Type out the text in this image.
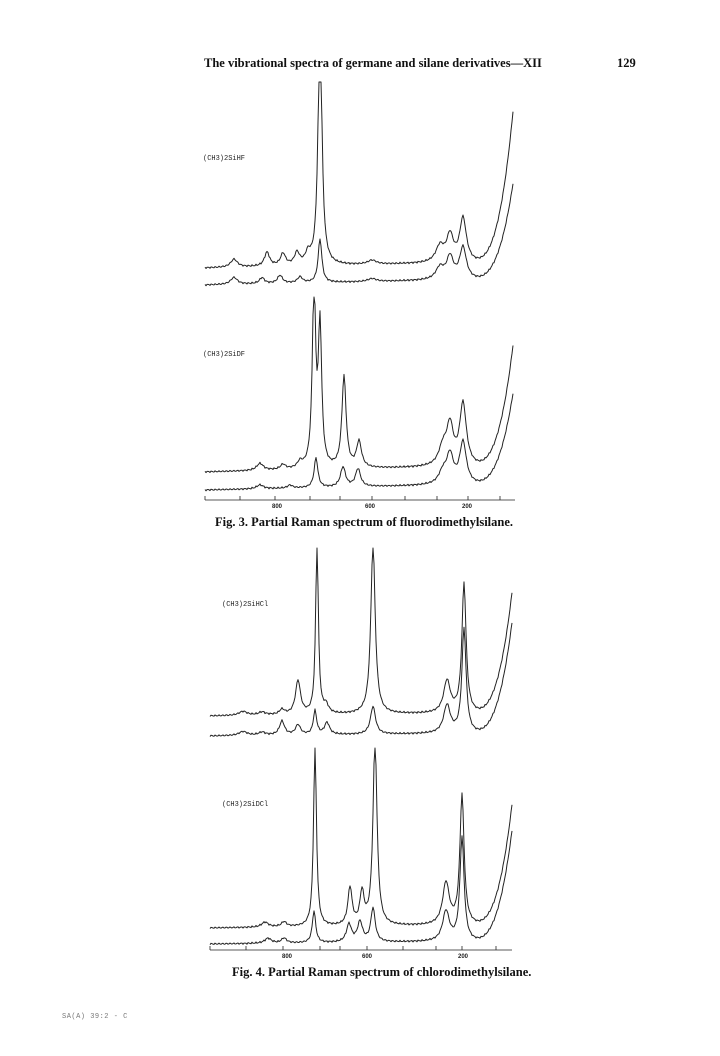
The vibrational spectra of germane and silane derivatives—XII	129
(CH3)2SiHF
(CH3)2SiDF
800	600	200
Fig. 3. Partial Raman spectrum of fluorodimethylsilane.
(CH3)2SiHCl
(CH3)2SiDCl
800	600	200
Fig. 4. Partial Raman spectrum of chlorodimethylsilane.
SA(A) 39:2 - C
